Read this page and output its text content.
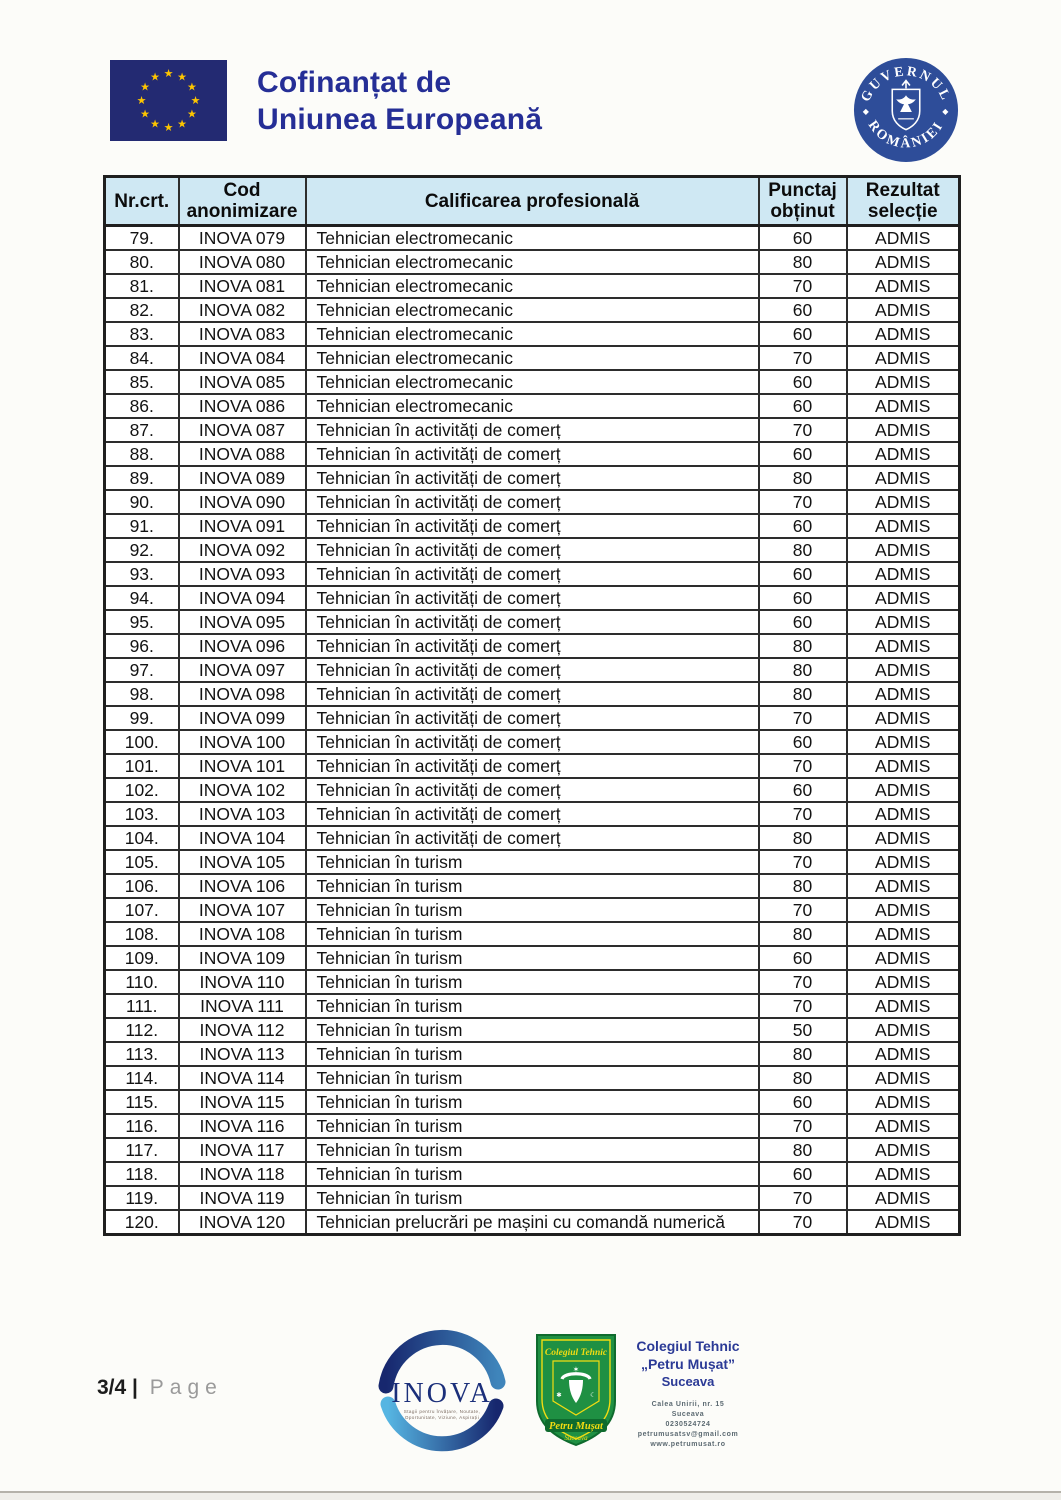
★ ★
★
★
★
★
★
★
★
★
★
★	Cofinanțat de
Uniunea Europeană
GUVERNUL
ROMÂNIEI
◆	◆
Nr.crt.	Cod anonimizare	Calificarea profesională	Punctaj obținut	Rezultat selecție
79.	INOVA 079	Tehnician electromecanic	60	ADMIS
80.	INOVA 080	Tehnician electromecanic	80	ADMIS
81.	INOVA 081	Tehnician electromecanic	70	ADMIS
82.	INOVA 082	Tehnician electromecanic	60	ADMIS
83.	INOVA 083	Tehnician electromecanic	60	ADMIS
84.	INOVA 084	Tehnician electromecanic	70	ADMIS
85.	INOVA 085	Tehnician electromecanic	60	ADMIS
86.	INOVA 086	Tehnician electromecanic	60	ADMIS
87.	INOVA 087	Tehnician în activități de comerț	70	ADMIS
88.	INOVA 088	Tehnician în activități de comerț	60	ADMIS
89.	INOVA 089	Tehnician în activități de comerț	80	ADMIS
90.	INOVA 090	Tehnician în activități de comerț	70	ADMIS
91.	INOVA 091	Tehnician în activități de comerț	60	ADMIS
92.	INOVA 092	Tehnician în activități de comerț	80	ADMIS
93.	INOVA 093	Tehnician în activități de comerț	60	ADMIS
94.	INOVA 094	Tehnician în activități de comerț	60	ADMIS
95.	INOVA 095	Tehnician în activități de comerț	60	ADMIS
96.	INOVA 096	Tehnician în activități de comerț	80	ADMIS
97.	INOVA 097	Tehnician în activități de comerț	80	ADMIS
98.	INOVA 098	Tehnician în activități de comerț	80	ADMIS
99.	INOVA 099	Tehnician în activități de comerț	70	ADMIS
100.	INOVA 100	Tehnician în activități de comerț	60	ADMIS
101.	INOVA 101	Tehnician în activități de comerț	70	ADMIS
102.	INOVA 102	Tehnician în activități de comerț	60	ADMIS
103.	INOVA 103	Tehnician în activități de comerț	70	ADMIS
104.	INOVA 104	Tehnician în activități de comerț	80	ADMIS
105.	INOVA 105	Tehnician în turism	70	ADMIS
106.	INOVA 106	Tehnician în turism	80	ADMIS
107.	INOVA 107	Tehnician în turism	70	ADMIS
108.	INOVA 108	Tehnician în turism	80	ADMIS
109.	INOVA 109	Tehnician în turism	60	ADMIS
110.	INOVA 110	Tehnician în turism	70	ADMIS
111.	INOVA 111	Tehnician în turism	70	ADMIS
112.	INOVA 112	Tehnician în turism	50	ADMIS
113.	INOVA 113	Tehnician în turism	80	ADMIS
114.	INOVA 114	Tehnician în turism	80	ADMIS
115.	INOVA 115	Tehnician în turism	60	ADMIS
116.	INOVA 116	Tehnician în turism	70	ADMIS
117.	INOVA 117	Tehnician în turism	80	ADMIS
118.	INOVA 118	Tehnician în turism	60	ADMIS
119.	INOVA 119	Tehnician în turism	70	ADMIS
120.	INOVA 120	Tehnician prelucrări pe mașini cu comandă numerică	70	ADMIS
INOVA
Stagii pentru Învățare, Noutate,
Oportunitate, Viziune, Aspirații
Colegiul Tehnic
✶
✱	☾
Petru Mușat
Suceava
Colegiul Tehnic
„Petru Mușat”
Suceava
Calea Unirii, nr. 15
Suceava
0230524724
petrumusatsv@gmail.com
www.petrumusat.ro
3/4 | Page
